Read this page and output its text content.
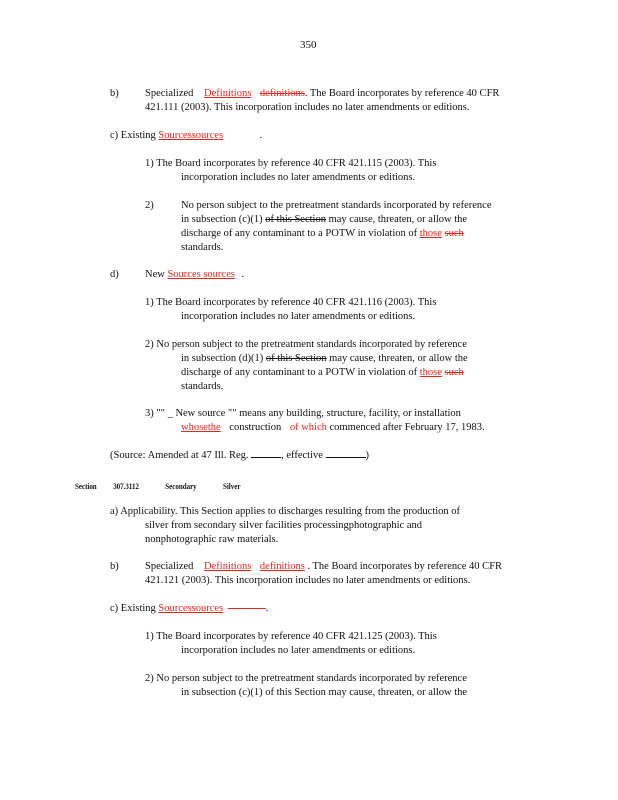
350
b)	Specialized Definitions definitions. The Board incorporates by reference 40 CFR
421.111 (2003). This incorporation includes no later amendments or editions.
c) Existing Sourcessources	.
1) The Board incorporates by reference 40 CFR 421.115 (2003). This
incorporation includes no later amendments or editions.
2)	No person subject to the pretreatment standards incorporated by reference
in subsection (c)(1) of this Section may cause, threaten, or allow the
discharge of any contaminant to a POTW in violation of those such
standards.
d)	New Sources sources .
1) The Board incorporates by reference 40 CFR 421.116 (2003). This
incorporation includes no later amendments or editions.
2) No person subject to the pretreatment standards incorporated by reference
in subsection (d)(1) of this Section may cause, threaten, or allow the
discharge of any contaminant to a POTW in violation of those such
standards.
3) "" _ New source "" means any building, structure, facility, or installation
whosethe construction of which commenced after February 17, 1983.
(Source: Amended at 47 Ill. Reg.	, effective	)
Section 307.3112	Secondary	Silver
a) Applicability. This Section applies to discharges resulting from the production of
silver from secondary silver facilities processingphotographic and
nonphotographic raw materials.
b)	Specialized Definitions definitions . The Board incorporates by reference 40 CFR
421.121 (2003). This incorporation includes no later amendments or editions.
c) Existing Sourcessources	.
1) The Board incorporates by reference 40 CFR 421.125 (2003). This
incorporation includes no later amendments or editions.
2) No person subject to the pretreatment standards incorporated by reference
in subsection (c)(1) of this Section may cause, threaten, or allow the
